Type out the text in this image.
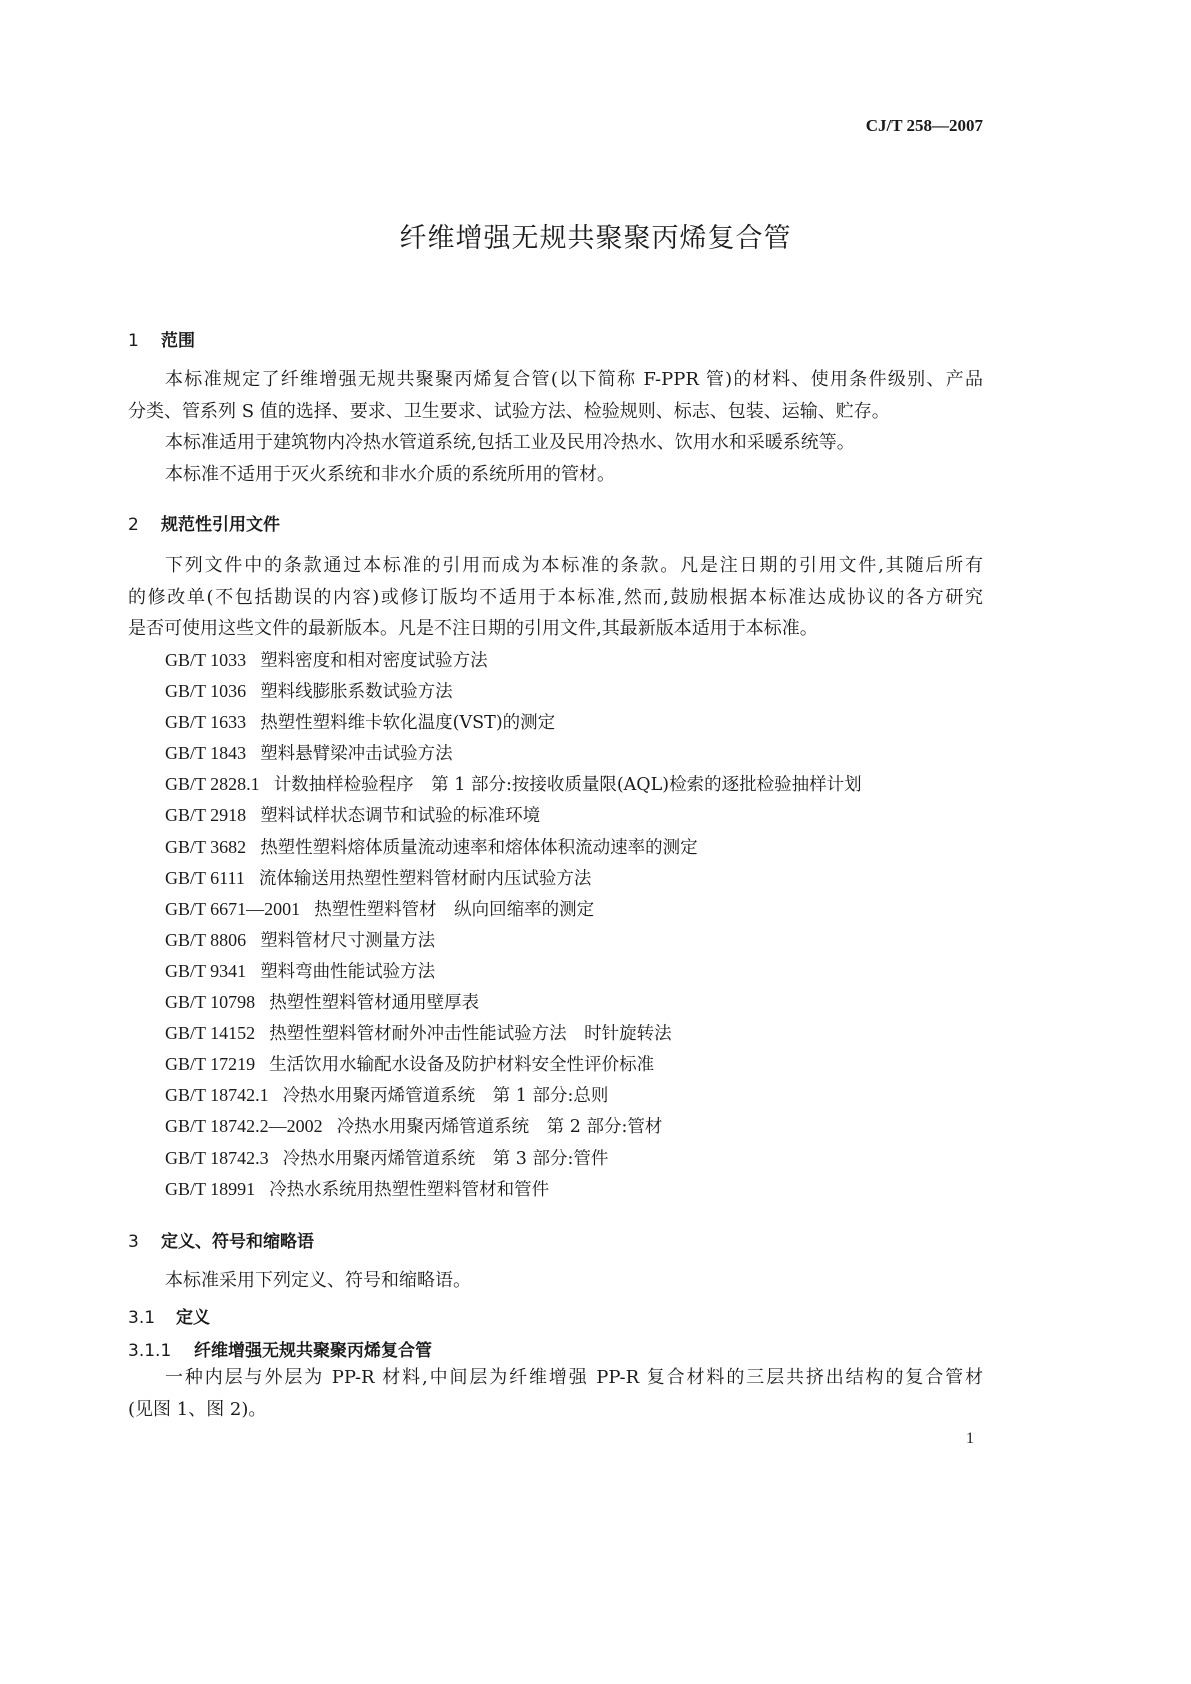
CJ/T 258—2007
纤维增强无规共聚聚丙烯复合管
1 范围
本标准规定了纤维增强无规共聚聚丙烯复合管(以下简称 F-PPR 管)的材料、使用条件级别、产品
分类、管系列 S 值的选择、要求、卫生要求、试验方法、检验规则、标志、包装、运输、贮存。
本标准适用于建筑物内冷热水管道系统,包括工业及民用冷热水、饮用水和采暖系统等。
本标准不适用于灭火系统和非水介质的系统所用的管材。
2 规范性引用文件
下列文件中的条款通过本标准的引用而成为本标准的条款。凡是注日期的引用文件,其随后所有
的修改单(不包括勘误的内容)或修订版均不适用于本标准,然而,鼓励根据本标准达成协议的各方研究
是否可使用这些文件的最新版本。凡是不注日期的引用文件,其最新版本适用于本标准。
GB/T 1033 塑料密度和相对密度试验方法
GB/T 1036 塑料线膨胀系数试验方法
GB/T 1633 热塑性塑料维卡软化温度(VST)的测定
GB/T 1843 塑料悬臂梁冲击试验方法
GB/T 2828.1 计数抽样检验程序　第 1 部分:按接收质量限(AQL)检索的逐批检验抽样计划
GB/T 2918 塑料试样状态调节和试验的标准环境
GB/T 3682 热塑性塑料熔体质量流动速率和熔体体积流动速率的测定
GB/T 6111 流体输送用热塑性塑料管材耐内压试验方法
GB/T 6671—2001 热塑性塑料管材　纵向回缩率的测定
GB/T 8806 塑料管材尺寸测量方法
GB/T 9341 塑料弯曲性能试验方法
GB/T 10798 热塑性塑料管材通用壁厚表
GB/T 14152 热塑性塑料管材耐外冲击性能试验方法　时针旋转法
GB/T 17219 生活饮用水输配水设备及防护材料安全性评价标准
GB/T 18742.1 冷热水用聚丙烯管道系统　第 1 部分:总则
GB/T 18742.2—2002 冷热水用聚丙烯管道系统　第 2 部分:管材
GB/T 18742.3 冷热水用聚丙烯管道系统　第 3 部分:管件
GB/T 18991 冷热水系统用热塑性塑料管材和管件
3 定义、符号和缩略语
本标准采用下列定义、符号和缩略语。
3.1 定义
3.1.1 纤维增强无规共聚聚丙烯复合管
一种内层与外层为 PP-R 材料,中间层为纤维增强 PP-R 复合材料的三层共挤出结构的复合管材
(见图 1、图 2)。
1
